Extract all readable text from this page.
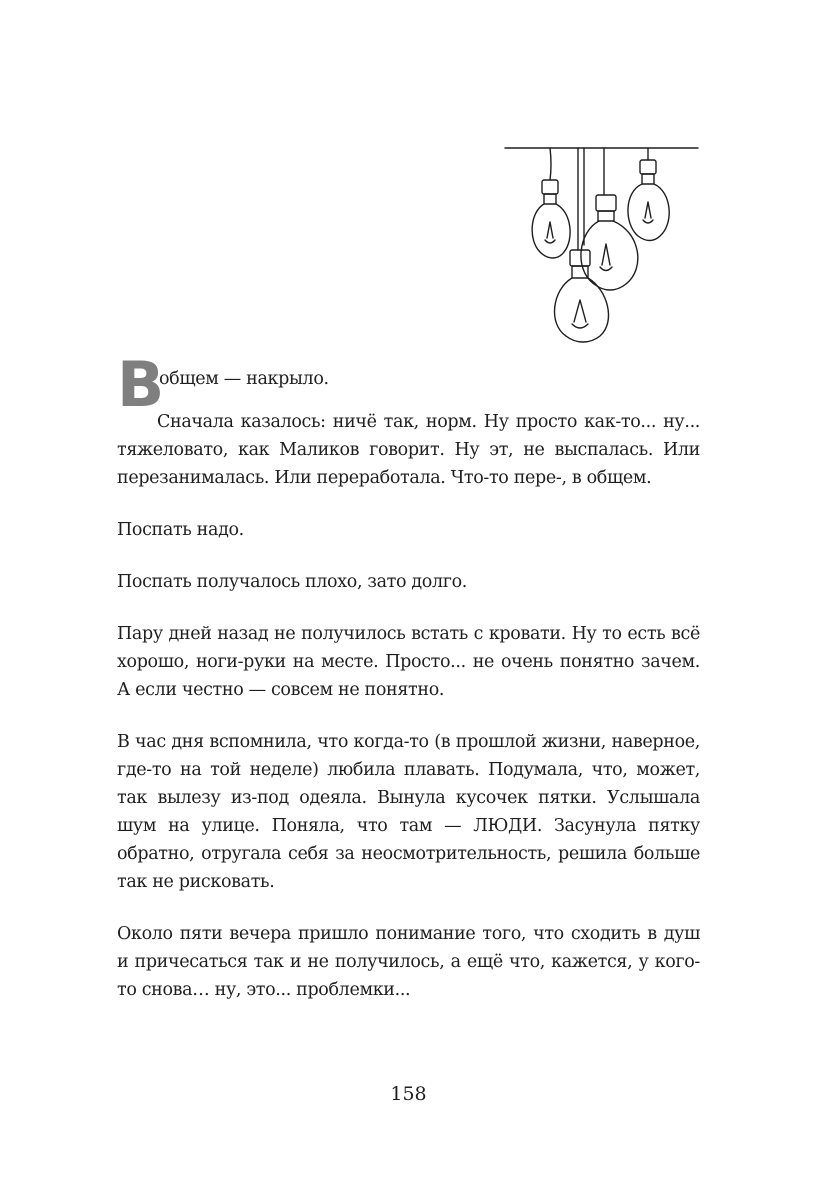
В
общем — накрыло.

Сначала казалось: ничё так, норм. Ну просто как-то... ну... тяжеловато, как Маликов говорит. Ну эт, не выспалась. Или перезанималась. Или переработала. Что-то пере-, в общем.

Поспать надо.

Поспать получалось плохо, зато долго.

Пару дней назад не получилось встать с кровати. Ну то есть всё хорошо, ноги-руки на месте. Просто... не очень понятно зачем. А если честно — совсем не понятно.

В час дня вспомнила, что когда-то (в прошлой жизни, наверное, где-то на той неделе) любила плавать. Подумала, что, может, так вылезу из-под одеяла. Вынула кусочек пятки. Услышала шум на улице. Поняла, что там — ЛЮДИ. Засунула пятку обратно, отругала себя за неосмотрительность, решила больше так не рисковать.

Около пяти вечера пришло понимание того, что сходить в душ и причесаться так и не получилось, а ещё что, кажется, у кого-то снова… ну, это... проблемки...

158
